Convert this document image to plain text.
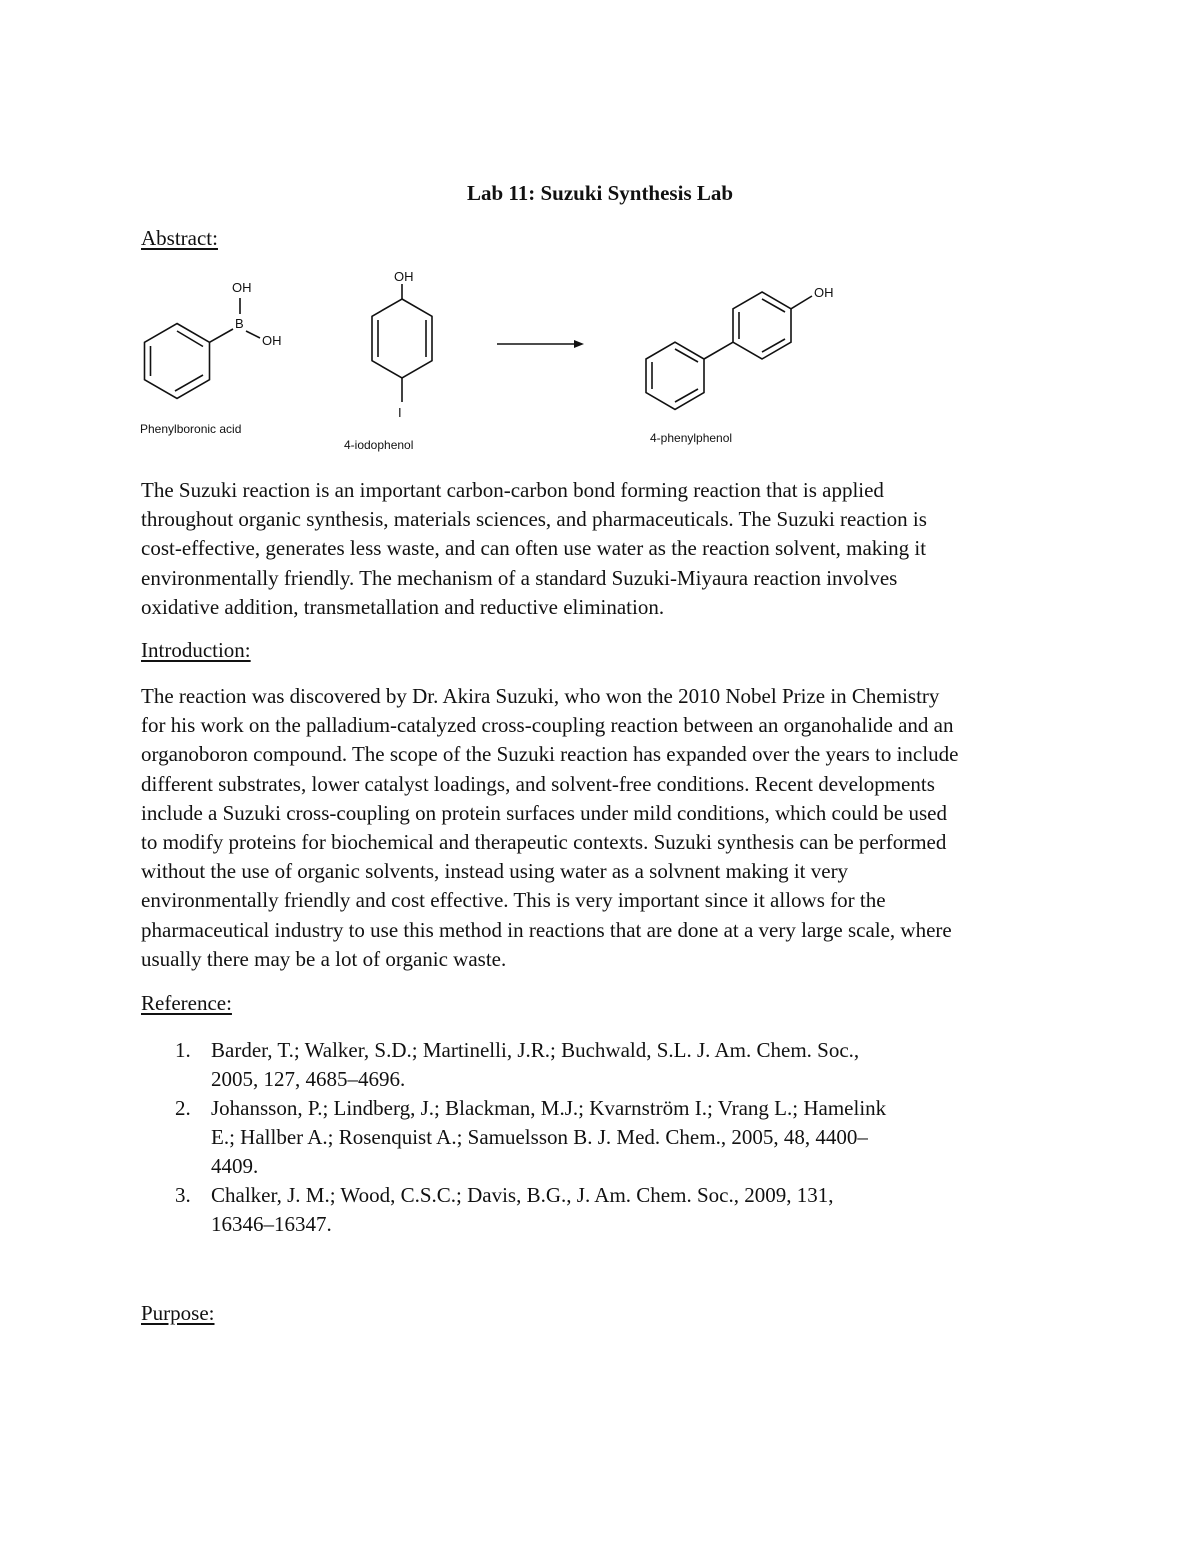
Lab 11: Suzuki Synthesis Lab
Abstract:
OH
B
OH
OH
I
OH
Phenylboronic acid
4-iodophenol	4-phenylphenol
The Suzuki reaction is an important carbon-carbon bond forming reaction that is applied
throughout organic synthesis, materials sciences, and pharmaceuticals. The Suzuki reaction is
cost-effective, generates less waste, and can often use water as the reaction solvent, making it
environmentally friendly. The mechanism of a standard Suzuki-Miyaura reaction involves
oxidative addition, transmetallation and reductive elimination.
Introduction:
The reaction was discovered by Dr. Akira Suzuki, who won the 2010 Nobel Prize in Chemistry
for his work on the palladium-catalyzed cross-coupling reaction between an organohalide and an
organoboron compound. The scope of the Suzuki reaction has expanded over the years to include
different substrates, lower catalyst loadings, and solvent-free conditions. Recent developments
include a Suzuki cross-coupling on protein surfaces under mild conditions, which could be used
to modify proteins for biochemical and therapeutic contexts. Suzuki synthesis can be performed
without the use of organic solvents, instead using water as a solvnent making it very
environmentally friendly and cost effective. This is very important since it allows for the
pharmaceutical industry to use this method in reactions that are done at a very large scale, where
usually there may be a lot of organic waste.
Reference:
1. Barder, T.; Walker, S.D.; Martinelli, J.R.; Buchwald, S.L. J. Am. Chem. Soc.,
2005, 127, 4685–4696.
2. Johansson, P.; Lindberg, J.; Blackman, M.J.; Kvarnström I.; Vrang L.; Hamelink
E.; Hallber A.; Rosenquist A.; Samuelsson B. J. Med. Chem., 2005, 48, 4400–
4409.
3. Chalker, J. M.; Wood, C.S.C.; Davis, B.G., J. Am. Chem. Soc., 2009, 131,
16346–16347.
Purpose:
